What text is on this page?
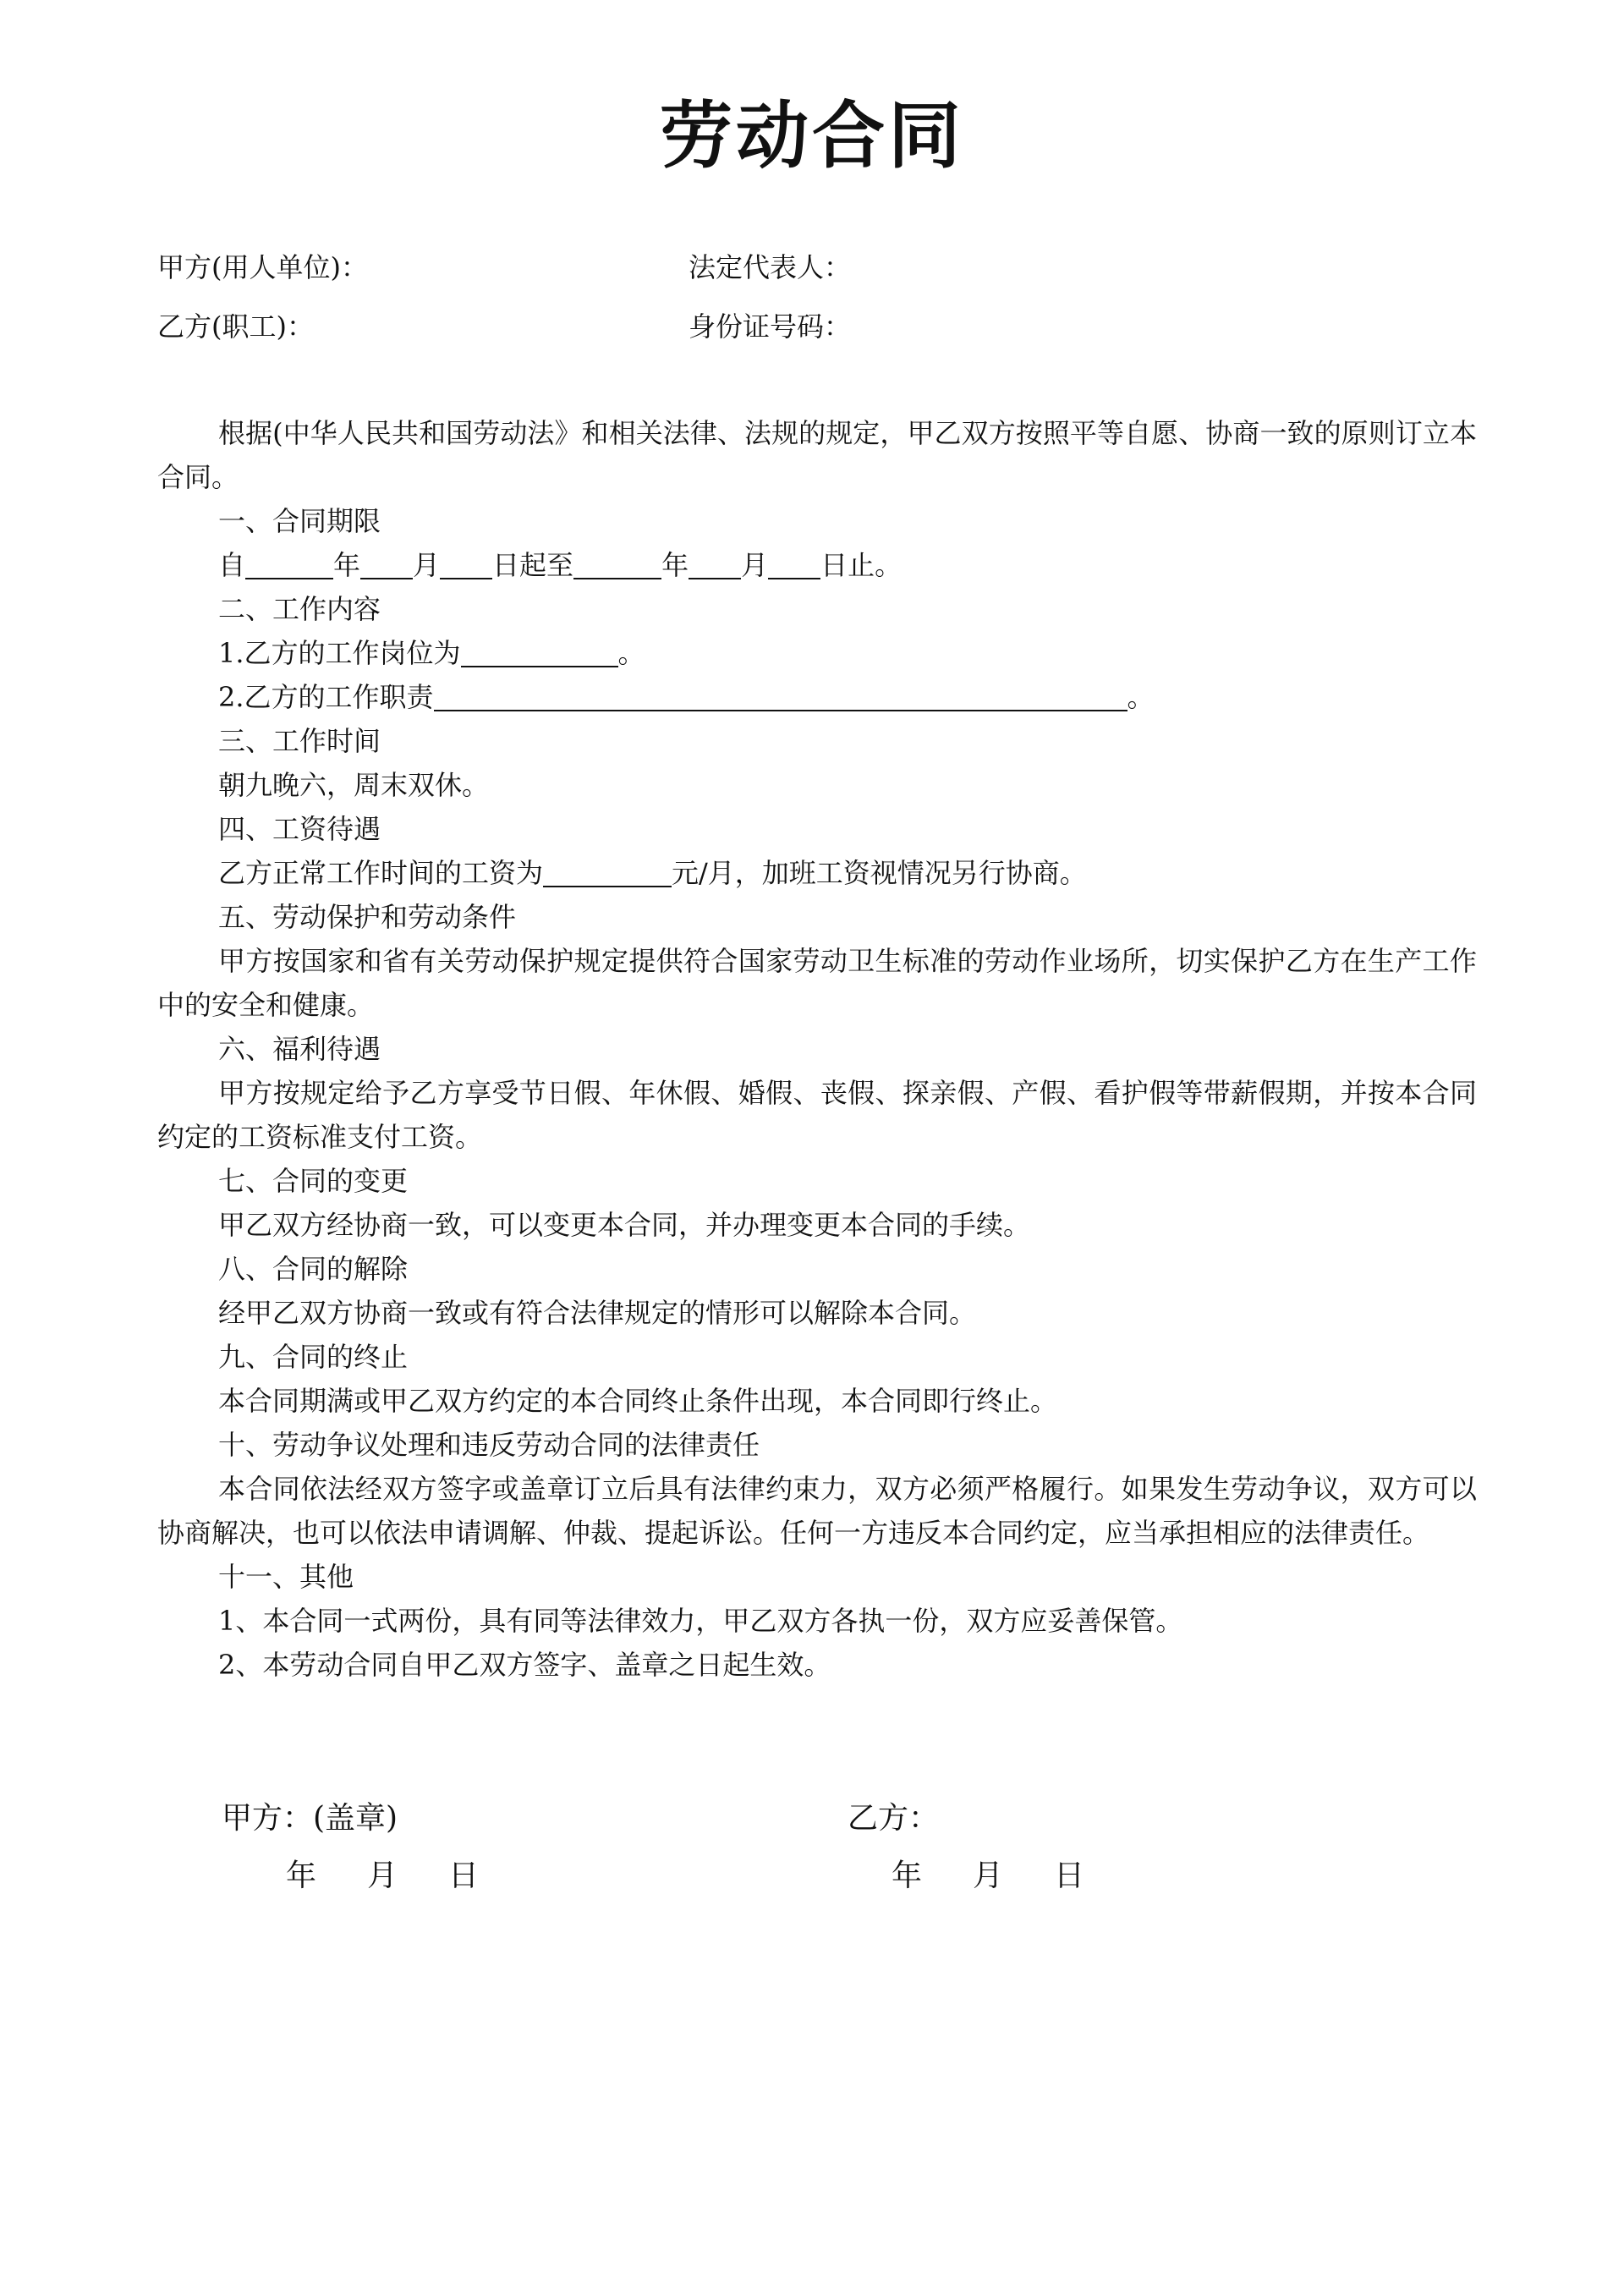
劳动合同
甲方(用人单位)：	法定代表人：
乙方(职工)：	身份证号码：

根据(中华人民共和国劳动法》和相关法律、法规的规定，甲乙双方按照平等自愿、协商一致的原则订立本合同。

一、合同期限

自	年 月 日起至	年 月 日止。

二、工作内容

1.乙方的工作岗位为	。

2.乙方的工作职责	。

三、工作时间

朝九晚六，周末双休。

四、工资待遇

乙方正常工作时间的工资为	元/月，加班工资视情况另行协商。

五、劳动保护和劳动条件

甲方按国家和省有关劳动保护规定提供符合国家劳动卫生标准的劳动作业场所，切实保护乙方在生产工作中的安全和健康。

六、福利待遇

甲方按规定给予乙方享受节日假、年休假、婚假、丧假、探亲假、产假、看护假等带薪假期，并按本合同约定的工资标准支付工资。

七、合同的变更

甲乙双方经协商一致，可以变更本合同，并办理变更本合同的手续。

八、合同的解除

经甲乙双方协商一致或有符合法律规定的情形可以解除本合同。

九、合同的终止

本合同期满或甲乙双方约定的本合同终止条件出现，本合同即行终止。

十、劳动争议处理和违反劳动合同的法律责任

本合同依法经双方签字或盖章订立后具有法律约束力，双方必须严格履行。如果发生劳动争议，双方可以协商解决，也可以依法申请调解、仲裁、提起诉讼。任何一方违反本合同约定，应当承担相应的法律责任。

十一、其他

1、本合同一式两份，具有同等法律效力，甲乙双方各执一份，双方应妥善保管。

2、本劳动合同自甲乙双方签字、盖章之日起生效。

甲方：(盖章)	乙方：
年 月 日	年 月 日
